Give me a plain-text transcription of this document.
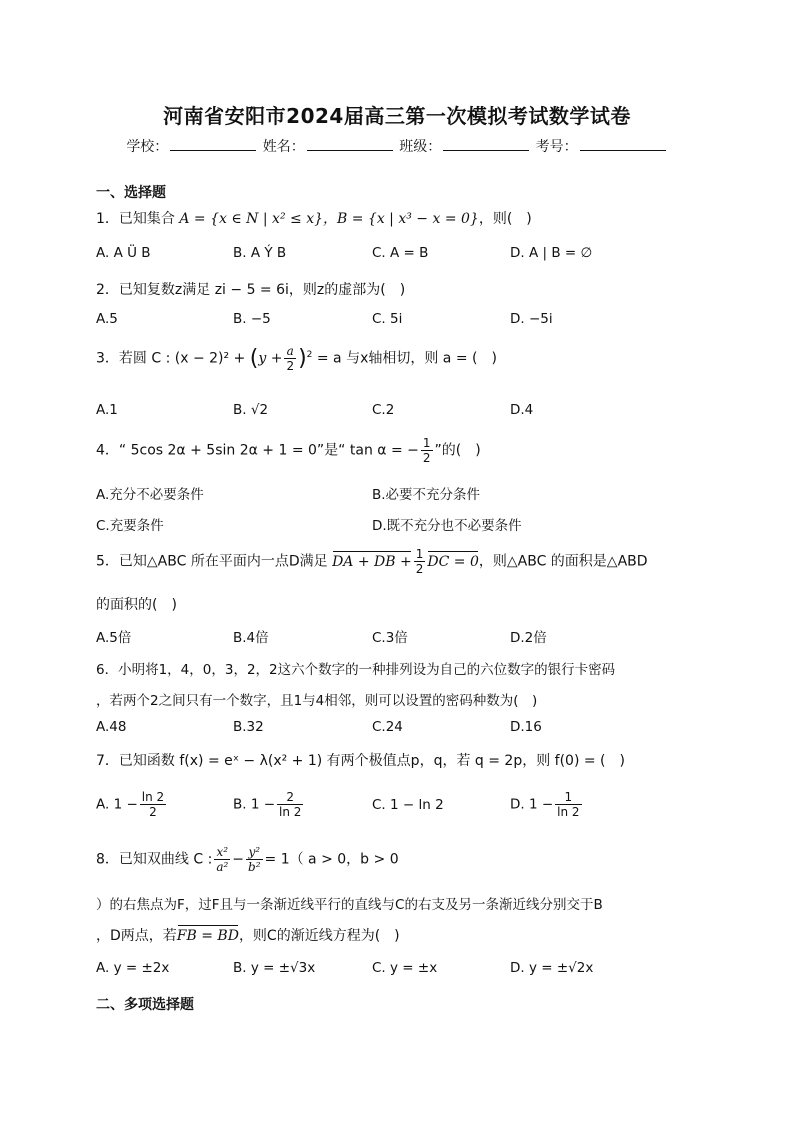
河南省安阳市2024届高三第一次模拟考试数学试卷
学校：	姓名：	班级：	考号：
一、选择题
1．已知集合 A = {x ∈ N | x² ≤ x}，B = {x | x³ − x = 0}，则(　)
A. A Ü B	B. A Ý B	C. A = B	D. A | B = ∅
2．已知复数z满足 zi − 5 = 6i，则z的虚部为(　)
A.5	B. −5	C. 5i	D. −5i
3．若圆 C : $(x - 2)^2 + (y + \frac{a}{2} )^2 = a$ 与x轴相切，则 a = (　)
A.1	B. √2	C.2	D.4
4．“ 5cos 2α + 5sin 2α + 1 = 0”是“ tan α = − $\frac{1}{2}$ ”的(　)
A.充分不必要条件	B.必要不充分条件
C.充要条件	D.既不充分也不必要条件
5．已知△ABC 所在平面内一点D满足 DA + DB + $\frac{1}{2}$ DC = 0，则△ABC 的面积是△ABD
的面积的(　)
A.5倍	B.4倍	C.3倍	D.2倍
6．小明将1，4，0，3，2，2这六个数字的一种排列设为自己的六位数字的银行卡密码
，若两个2之间只有一个数字，且1与4相邻，则可以设置的密码种数为(　)
A.48	B.32	C.24	D.16
7．已知函数 f(x) = eˣ − λ(x² + 1) 有两个极值点p，q，若 q = 2p，则 f(0) = (　)
A. $1 - \frac{\ln 2}{2}$	B. $1 - \frac{2}{\ln 2}$	C. 1 − ln 2	D. $1 - \frac{1}{\ln 2}$
8．已知双曲线 C : $\frac{\text{x²}}{\text{a²}} - \frac{\text{y²}}{\text{b²}} = 1$（ a > 0，b > 0
）的右焦点为F，过F且与一条渐近线平行的直线与C的右支及另一条渐近线分别交于B
，D两点，若FB = BD，则C的渐近线方程为(　)
A. y = ±2x	B. y = ±√3x	C. y = ±x	D. y = ±√2x
二、多项选择题
